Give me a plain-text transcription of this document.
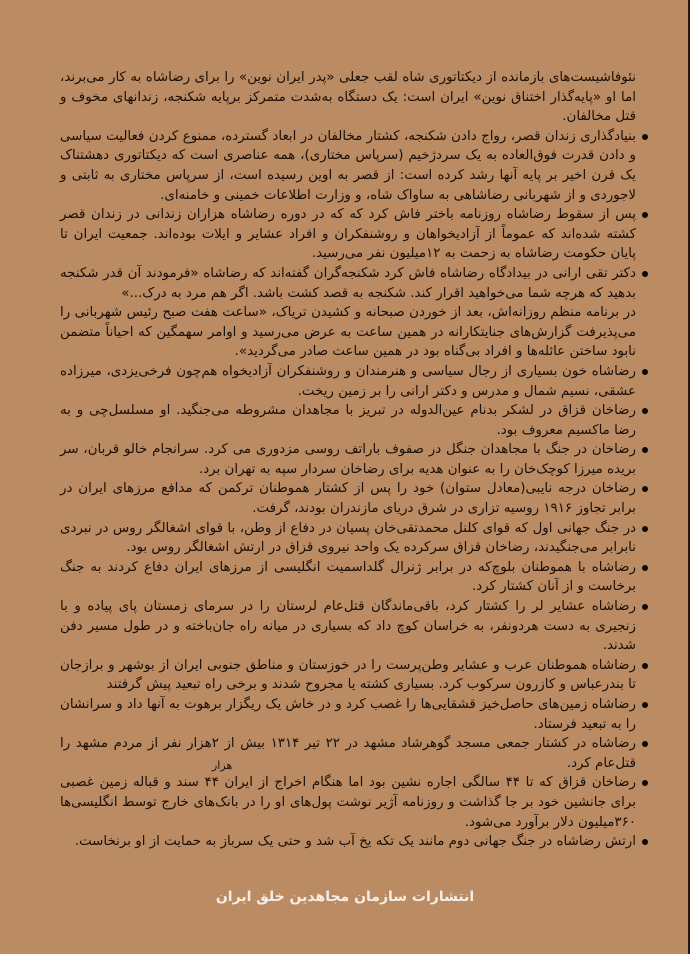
نئوفاشیست‌های بازمانده از دیکتاتوری شاه لقب جعلی «پدر ایران نوین» را برای رضاشاه به کار می‌برند، اما او «پایه‌گذار اختناق نوین» ایران است: یک دستگاه به‌شدت متمرکز برپایه شکنجه، زندانهای مخوف و قتل مخالفان.

بنیادگذاری زندان قصر، رواج دادن شکنجه، کشتار مخالفان در ابعاد گسترده، ممنوع کردن فعالیت سیاسی و دادن قدرت فوق‌العاده به یک سردژخیم (سرپاس مختاری)، همه عناصری است که دیکتاتوری دهشتناک یک قرن اخیر بر پایه آنها رشد کرده است: از قصر به اوین رسیده است، از سرپاس مختاری به ثابتی و لاجوردی و از شهربانی رضاشاهی به ساواک شاه، و وزارت اطلاعات خمینی و خامنه‌ای.
پس از سقوط رضاشاه روزنامه باختر فاش کرد که که در دوره رضاشاه هزاران زندانی در زندان قصر کشته شده‌اند که عموماً از آزادیخواهان و روشنفکران و افراد عشایر و ایلات بوده‌اند. جمعیت ایران تا پایان حکومت رضاشاه به زحمت به ۱۲میلیون نفر می‌رسید.
دکتر تقی ارانی در بیدادگاه رضاشاه فاش کرد شکنجه‌گران گفته‌اند که رضاشاه «فرمودند آن قدر شکنجه بدهید که هرچه شما می‌خواهید اقرار کند. شکنجه به قصد کشت باشد. اگر هم مرد به درک...»

در برنامه منظم روزانه‌اش، بعد از خوردن صبحانه و کشیدن تریاک، «ساعت هفت صبح رئیس شهربانی را می‌پذیرفت گزارش‌های جنایتکارانه در همین ساعت به عرض می‌رسید و اوامر سهمگین که احیاناً متضمن نابود ساختن عائله‌ها و افراد بی‌گناه بود در همین ساعت صادر می‌گردید».

رضاشاه خون بسیاری از رجال سیاسی و هنرمندان و روشنفکران آزادیخواه هم‌چون فرخی‌یزدی، میرزاده عشقی، نسیم شمال و مدرس و دکتر ارانی را بر زمین ریخت.
رضاخان قزاق در لشکر بدنام عین‌الدوله در تبریز با مجاهدان مشروطه می‌جنگید. او مسلسل‌چی و به رضا ماکسیم معروف بود.
رضاخان در جنگ با مجاهدان جنگل در صفوف باراتف روسی مزدوری می کرد. سرانجام خالو قربان، سر بریده میرزا کوچک‌خان را به عنوان هدیه برای رضاخان سردار سپه به تهران برد.
رضاخان درجه نایبی(معادل ستوان) خود را پس از کشتار هموطنان ترکمن که مدافع مرزهای ایران در برابر تجاوز ۱۹۱۶ روسیه تزاری در شرق دریای مازندران بودند، گرفت.
در جنگ جهانی اول که قوای کلنل محمدتقی‌خان پسیان در دفاع از وطن، با قوای اشغالگر روس در نبردی نابرابر می‌جنگیدند، رضاخان قزاق سرکرده یک واحد نیروی قزاق در ارتش اشغالگر روس بود.
رضاشاه با هموطنان بلوچ‌که در برابر ژنرال گلداسمیت انگلیسی از مرزهای ایران دفاع کردند به جنگ برخاست و از آنان کشتار کرد.
رضاشاه عشایر لر را کشتار کرد، باقی‌ماندگان قتل‌عام لرستان را در سرمای زمستان پای پیاده و با زنجیری به دست هردونفر، به خراسان کوچ داد که بسیاری در میانه راه جان‌باخته و در طول مسیر دفن شدند.
رضاشاه هموطنان عرب و عشایر وطن‌پرست را در خوزستان و مناطق جنوبی ایران از بوشهر و برازجان تا بندرعباس و کازرون سرکوب کرد. بسیاری کشته یا مجروح شدند و برخی راه تبعید پیش گرفتند
رضاشاه زمین‌های حاصل‌خیز قشقایی‌ها را غصب کرد و در خاش یک ریگزار برهوت به آنها داد و سرانشان را به تبعید فرستاد.
رضاشاه در کشتار جمعی مسجد گوهرشاد مشهد در ۲۲ تیر ۱۳۱۴ بیش از ۲هزار نفر از مردم مشهد را قتل‌عام کرد.
هزار
رضاخان قزاق که تا ۴۴ سالگی اجاره نشین بود اما هنگام اخراج از ایران ۴۴ سند و قباله زمین غصبی برای جانشین خود بر جا گذاشت و روزنامه آژیر نوشت پول‌های او را در بانک‌های خارج توسط انگلیسی‌ها ۳۶۰میلیون دلار برآورد می‌شود.
ارتش رضاشاه در جنگ جهانی دوم مانند یک تکه یخ آب شد و حتی یک سرباز به حمایت از او برنخاست.
انتشارات سازمان مجاهدین خلق ایران
